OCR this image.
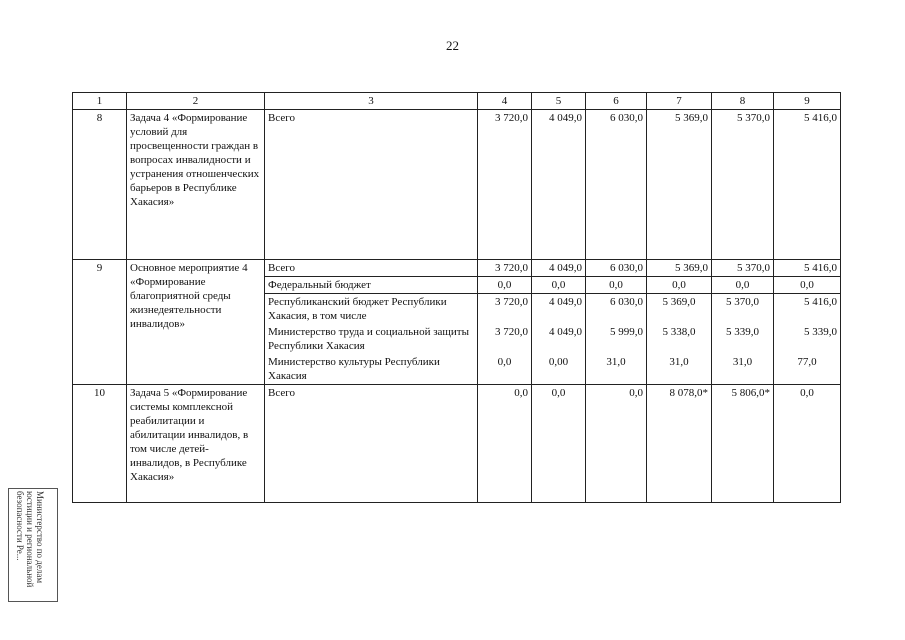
22
1	2	3	4	5	6	7	8	9
8	Задача 4 «Формирование условий для просвещенности граждан в вопросах инвалидности и устранения отношенческих барьеров в Республике Хакасия»	Всего	3 720,0	4 049,0	6 030,0	5 369,0	5 370,0	5 416,0
9	Основное мероприятие 4 «Формирование благоприятной среды жизнедеятельности инвалидов»	Всего	3 720,0	4 049,0	6 030,0	5 369,0	5 370,0	5 416,0
		Федеральный бюджет	0,0	0,0	0,0	0,0	0,0	0,0
		Республиканский бюджет Республики Хакасия, в том числе	3 720,0	4 049,0	6 030,0	5 369,0	5 370,0	5 416,0
		Министерство труда и социальной защиты Республики Хакасия	3 720,0	4 049,0	5 999,0	5 338,0	5 339,0	5 339,0
		Министерство культуры Республики Хакасия	0,0	0,00	31,0	31,0	31,0	77,0
10	Задача 5 «Формирование системы комплексной реабилитации и абилитации инвалидов, в том числе детей-инвалидов, в Республике Хакасия»	Всего	0,0	0,0	0,0	8 078,0*	5 806,0*	0,0
Министерство по делам
юстиции и региональной
безопасности Ре...
